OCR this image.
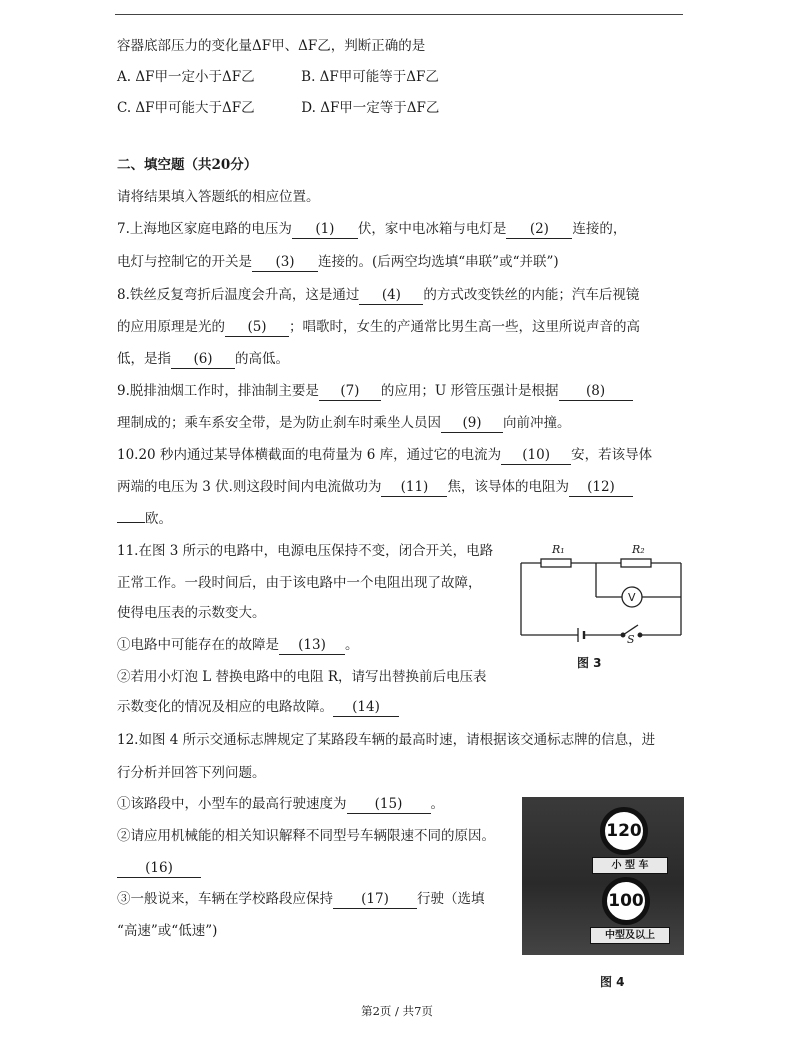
容器底部压力的变化量ΔF甲、ΔF乙，判断正确的是
A. ΔF甲一定小于ΔF乙	B. ΔF甲可能等于ΔF乙
C. ΔF甲可能大于ΔF乙	D. ΔF甲一定等于ΔF乙
二、填空题（共20分）
请将结果填入答题纸的相应位置。
7.上海地区家庭电路的电压为 (1) 伏，家中电冰箱与电灯是 (2) 连接的，
电灯与控制它的开关是 (3) 连接的。(后两空均选填“串联”或“并联”)
8.铁丝反复弯折后温度会升高，这是通过 (4) 的方式改变铁丝的内能；汽车后视镜
的应用原理是光的 (5) ；唱歌时，女生的产通常比男生高一些，这里所说声音的高
低，是指 (6) 的高低。
9.脱排油烟工作时，排油制主要是 (7) 的应用；U 形管压强计是根据 (8)
理制成的；乘车系安全带，是为防止刹车时乘坐人员因 (9) 向前冲撞。
10.20 秒内通过某导体横截面的电荷量为 6 库，通过它的电流为 (10) 安，若该导体
两端的电压为 3 伏.则这段时间内电流做功为 (11) 焦，该导体的电阻为 (12)
欧。
11.在图 3 所示的电路中，电源电压保持不变，闭合开关，电路
正常工作。一段时间后，由于该电路中一个电阻出现了故障，
使得电压表的示数变大。
①电路中可能存在的故障是 (13) 。
②若用小灯泡 L 替换电路中的电阻 R，请写出替换前后电压表
示数变化的情况及相应的电路故障。 (14)
R₁	R₂
V
S
图 3
12.如图 4 所示交通标志牌规定了某路段车辆的最高时速，请根据该交通标志牌的信息，进
行分析并回答下列问题。
①该路段中，小型车的最高行驶速度为 (15) 。
②请应用机械能的相关知识解释不同型号车辆限速不同的原因。
(16)
③一般说来，车辆在学校路段应保持 (17) 行驶（选填
“高速”或“低速”)
120
小 型 车
100
中型及以上
图 4
第2页 / 共7页
